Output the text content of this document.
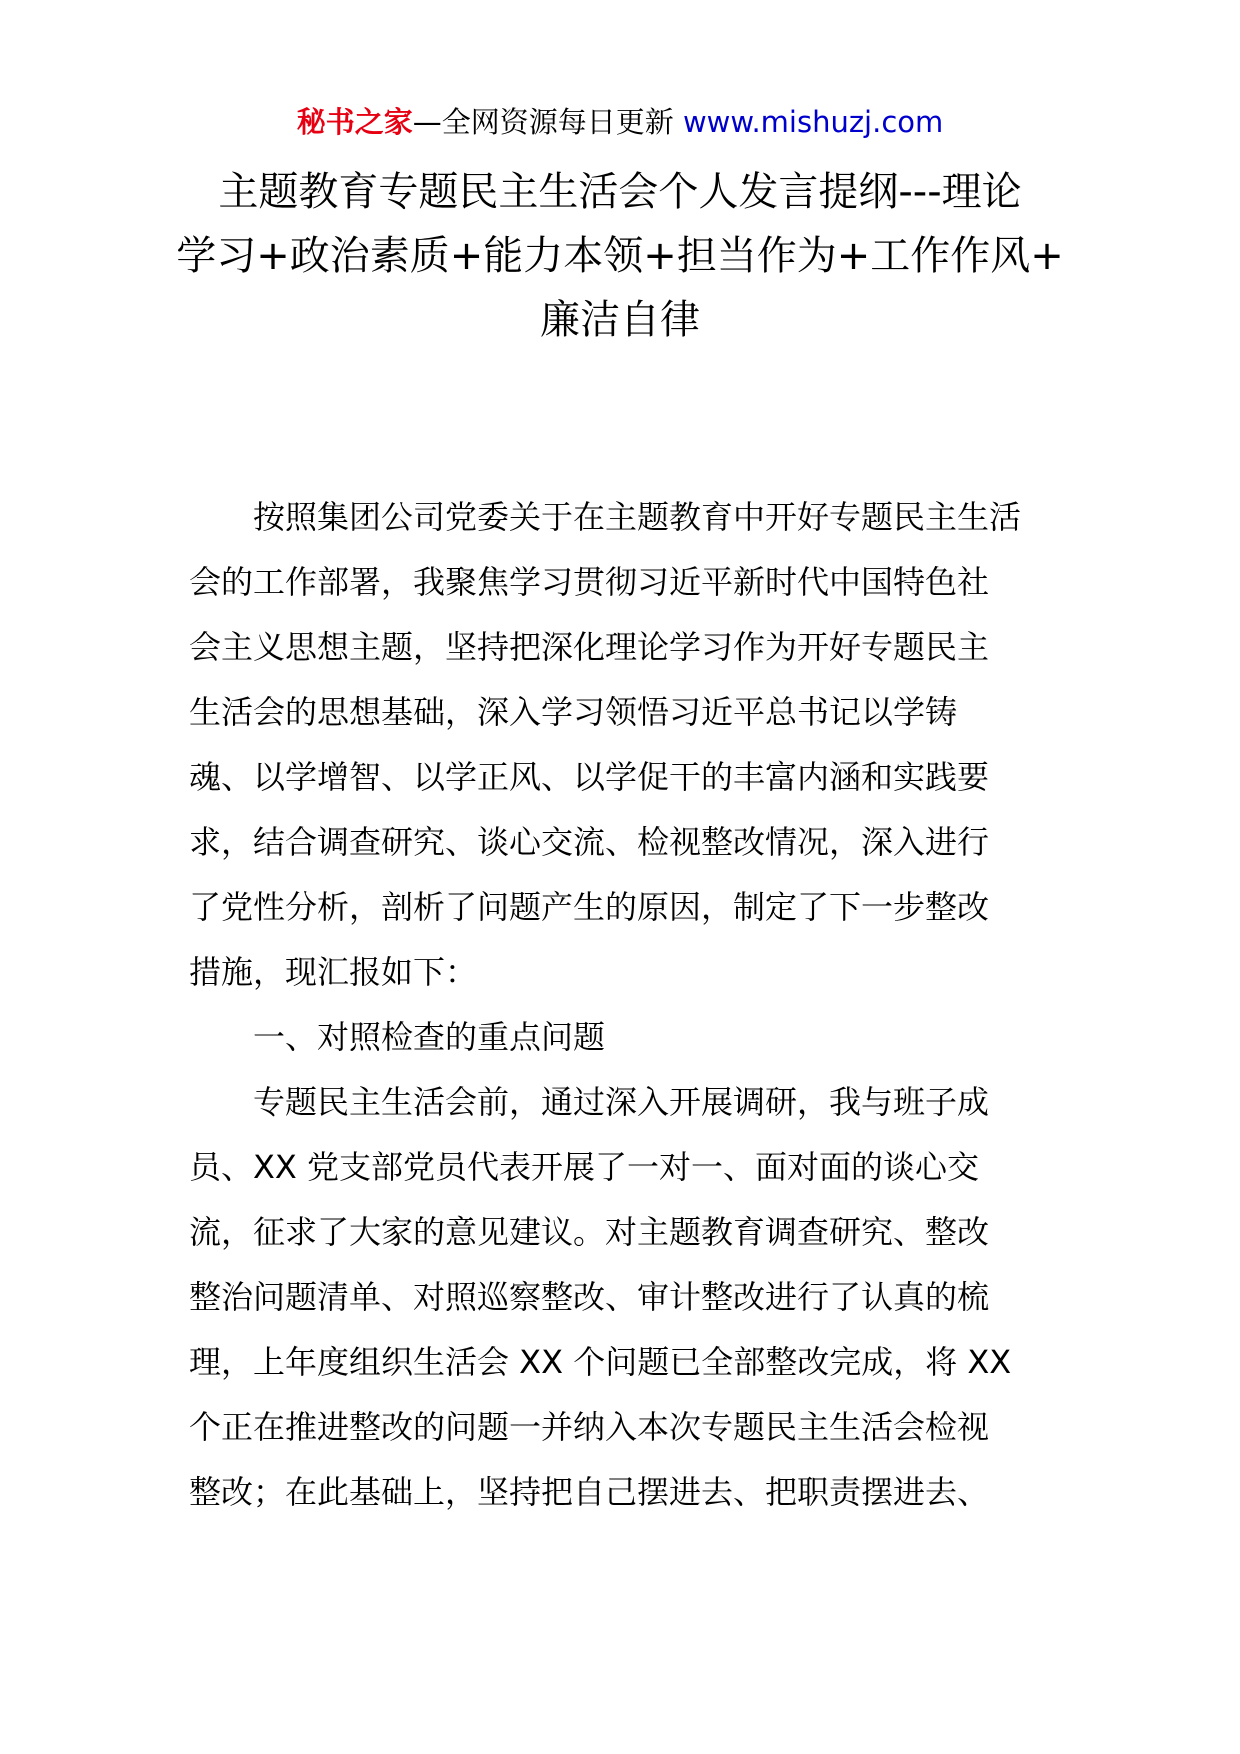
秘书之家—全网资源每日更新 www.mishuzj.com
主题教育专题民主生活会个人发言提纲---理论
学习+政治素质+能力本领+担当作为+工作作风+
廉洁自律
　　按照集团公司党委关于在主题教育中开好专题民主生活
会的工作部署，我聚焦学习贯彻习近平新时代中国特色社
会主义思想主题，坚持把深化理论学习作为开好专题民主
生活会的思想基础，深入学习领悟习近平总书记以学铸
魂、以学增智、以学正风、以学促干的丰富内涵和实践要
求，结合调查研究、谈心交流、检视整改情况，深入进行
了党性分析，剖析了问题产生的原因，制定了下一步整改
措施，现汇报如下：
　　一、对照检查的重点问题
　　专题民主生活会前，通过深入开展调研，我与班子成
员、XX 党支部党员代表开展了一对一、面对面的谈心交
流，征求了大家的意见建议。对主题教育调查研究、整改
整治问题清单、对照巡察整改、审计整改进行了认真的梳
理，上年度组织生活会 XX 个问题已全部整改完成，将 XX
个正在推进整改的问题一并纳入本次专题民主生活会检视
整改；在此基础上，坚持把自己摆进去、把职责摆进去、
